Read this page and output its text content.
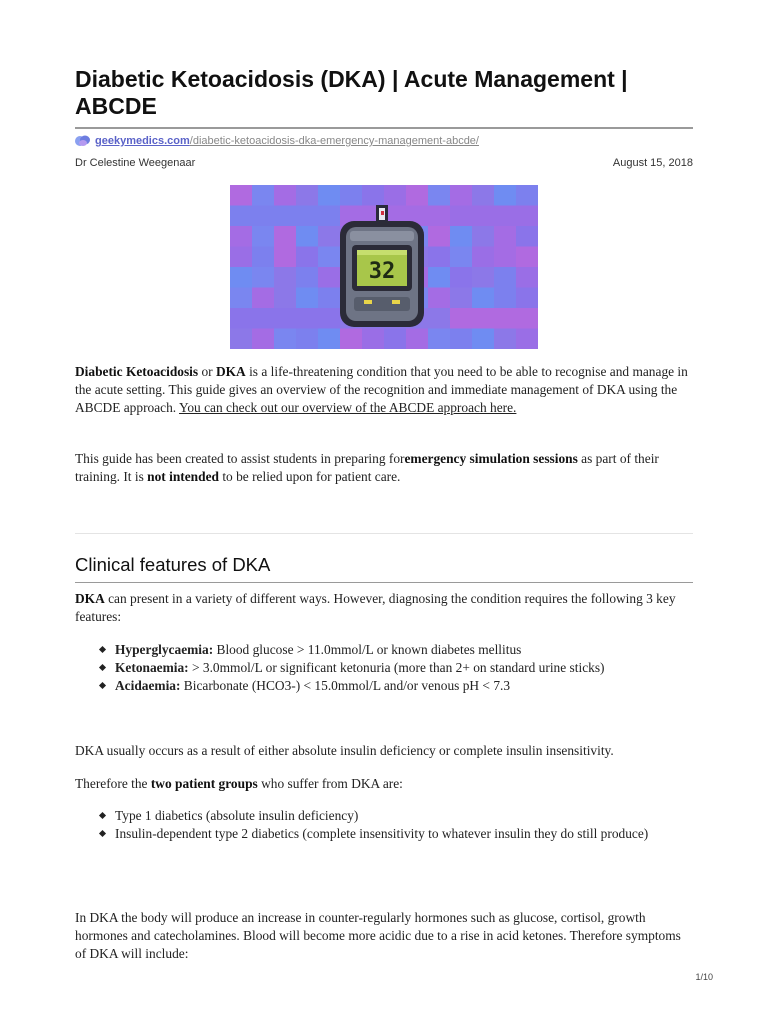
Diabetic Ketoacidosis (DKA) | Acute Management | ABCDE
geekymedics.com /diabetic-ketoacidosis-dka-emergency-management-abcde/
Dr Celestine Weegenaar	August 15, 2018
32

Diabetic Ketoacidosis or DKA is a life-threatening condition that you need to be able to recognise and manage in the acute setting. This guide gives an overview of the recognition and immediate management of DKA using the ABCDE approach. You can check out our overview of the ABCDE approach here.

This guide has been created to assist students in preparing foremergency simulation sessions as part of their training. It is not intended to be relied upon for patient care.

Clinical features of DKA

DKA can present in a variety of different ways. However, diagnosing the condition requires the following 3 key features:

Hyperglycaemia: Blood glucose > 11.0mmol/L or known diabetes mellitus
Ketonaemia: > 3.0mmol/L or significant ketonuria (more than 2+ on standard urine sticks)
Acidaemia: Bicarbonate (HCO3-) < 15.0mmol/L and/or venous pH < 7.3

DKA usually occurs as a result of either absolute insulin deficiency or complete insulin insensitivity.

Therefore the two patient groups who suffer from DKA are:

Type 1 diabetics (absolute insulin deficiency)
Insulin-dependent type 2 diabetics (complete insensitivity to whatever insulin they do still produce)

In DKA the body will produce an increase in counter-regularly hormones such as glucose, cortisol, growth hormones and catecholamines. Blood will become more acidic due to a rise in acid ketones. Therefore symptoms of DKA will include:

1/10
